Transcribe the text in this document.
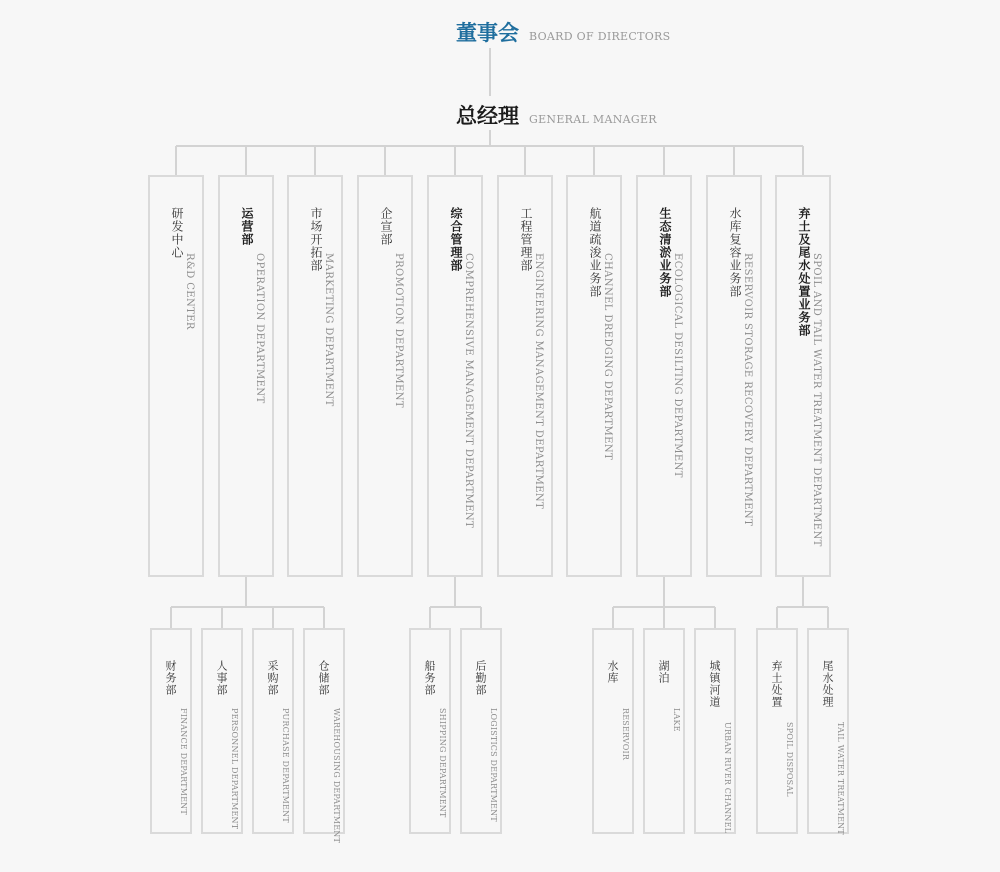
董事会 BOARD OF DIRECTORS
总经理 GENERAL MANAGER
研发中心
R&D CENTER
运营部
OPERATION DEPARTMENT
市场开拓部
MARKETING DEPARTMENT
企宣部
PROMOTION DEPARTMENT
综合管理部
COMPREHENSIVE MANAGEMENT DEPARTMENT
工程管理部
ENGINEERING MANAGEMENT DEPARTMENT
航道疏浚业务部
CHANNEL DREDGING DEPARTMENT
生态清淤业务部
ECOLOGICAL DESILTING DEPARTMENT
水库复容业务部
RESERVOIR STORAGE RECOVERY DEPARTMENT	弃土及尾水处置业务部 SPOIL AND TAIL WATER TREATMENT DEPARTMENT
财务部
FINANCE DEPARTMENT
人事部
PERSONNEL DEPARTMENT
采购部
PURCHASE DEPARTMENT
仓储部
WAREHOUSING DEPARTMENT
船务部
SHIPPING DEPARTMENT
后勤部
LOGISTICS DEPARTMENT
水库
RESERVOIR
湖泊
LAKE
城镇河道
URBAN RIVER CHANNEL
弃土处置
SPOIL DISPOSAL
尾水处理
TAIL WATER TREATMENT
